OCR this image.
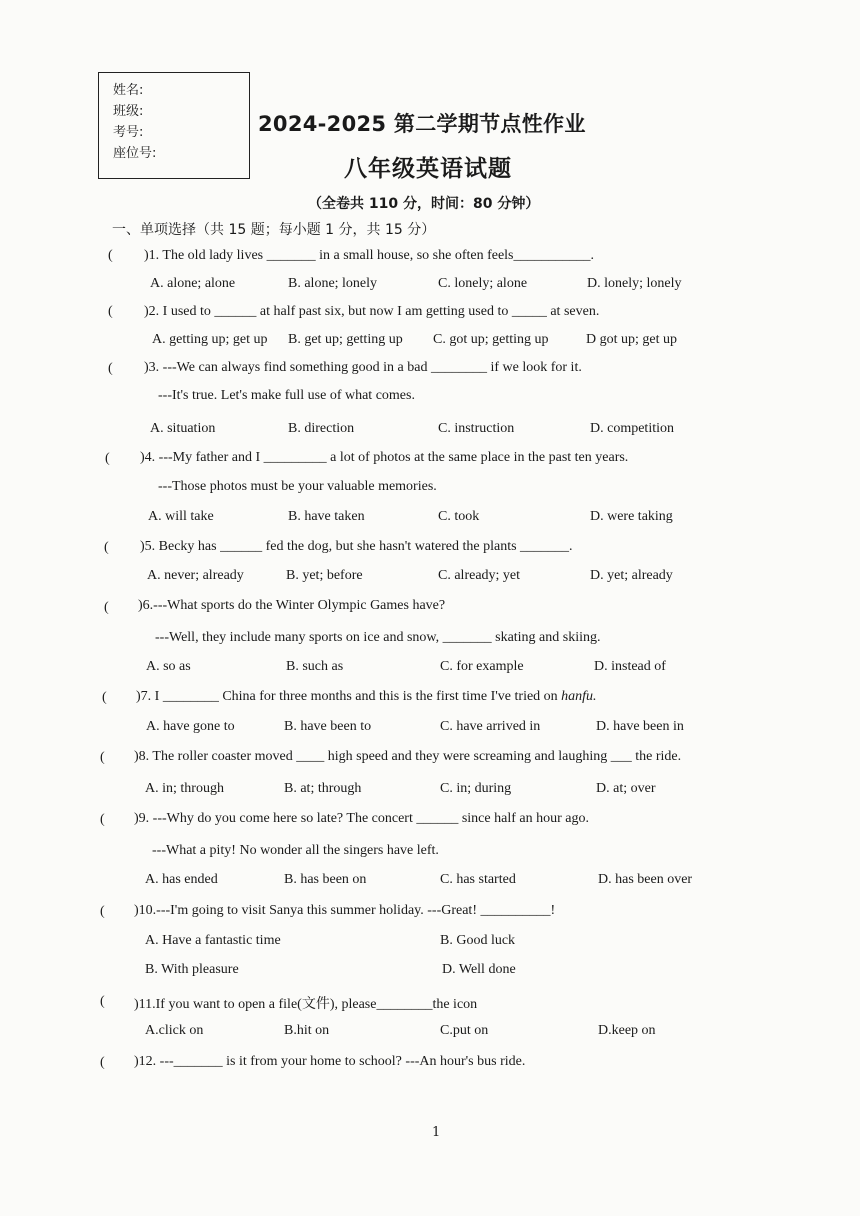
姓名:
班级:
考号:
座位号:
2024-2025 第二学期节点性作业
八年级英语试题
（全卷共 110 分，时间：80 分钟）
一、单项选择（共 15 题；每小题 1 分，共 15 分）
( )1. The old lady lives _______ in a small house, so she often feels___________.
A. alone; alone	B. alone; lonely	C. lonely; alone	D. lonely; lonely
( )2. I used to ______ at half past six, but now I am getting used to _____ at seven.
A. getting up; get up B. get up; getting up C. got up; getting up	D got up; get up
( )3. ---We can always find something good in a bad ________ if we look for it.
---It's true. Let's make full use of what comes.
A. situation	B. direction	C. instruction	D. competition
( )4. ---My father and I _________ a lot of photos at the same place in the past ten years.
---Those photos must be your valuable memories.
A. will take	B. have taken	C. took	D. were taking
( )5. Becky has ______ fed the dog, but she hasn't watered the plants _______.
A. never; already	B. yet; before	C. already; yet	D. yet; already
( )6.---What sports do the Winter Olympic Games have?
---Well, they include many sports on ice and snow, _______ skating and skiing.
A. so as	B. such as	C. for example	D. instead of
( )7. I ________ China for three months and this is the first time I've tried on hanfu.
A. have gone to	B. have been to	C. have arrived in	D. have been in
( )8. The roller coaster moved ____ high speed and they were screaming and laughing ___ the ride.
A. in; through	B. at; through	C. in; during	D. at; over
( )9. ---Why do you come here so late? The concert ______ since half an hour ago.
---What a pity! No wonder all the singers have left.
A. has ended	B. has been on	C. has started	D. has been over
( )10.---I'm going to visit Sanya this summer holiday. ---Great! __________!
A. Have a fantastic time	B. Good luck
B. With pleasure	D. Well done
( )11.If you want to open a file(文件), please________the icon
A.click on	B.hit on	C.put on	D.keep on
( )12. ---_______ is it from your home to school? ---An hour's bus ride.
1
